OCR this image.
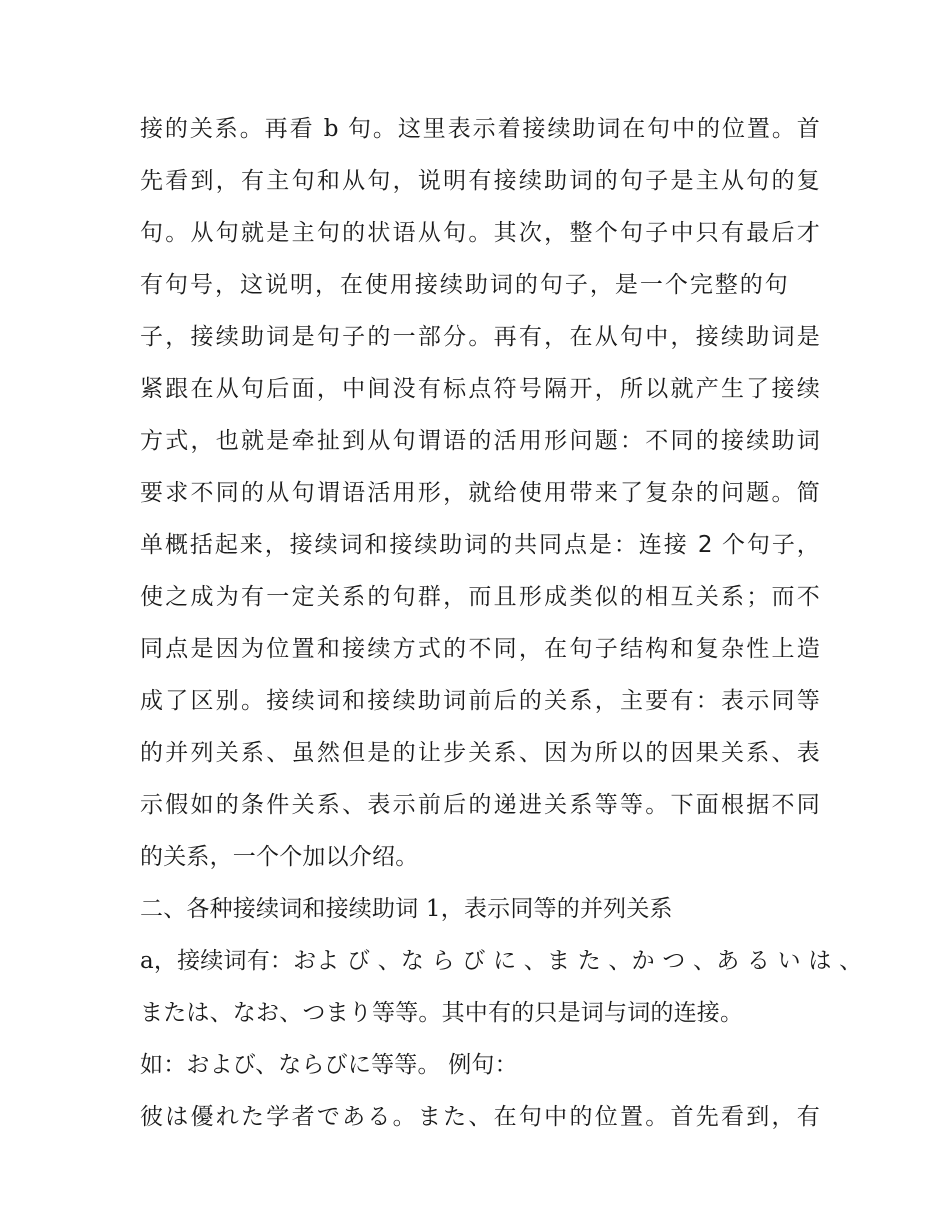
接的关系。再看 b 句。这里表示着接续助词在句中的位置。首
先看到，有主句和从句，说明有接续助词的句子是主从句的复
句。从句就是主句的状语从句。其次，整个句子中只有最后才
有句号，这说明，在使用接续助词的句子，是一个完整的句
子，接续助词是句子的一部分。再有，在从句中，接续助词是
紧跟在从句后面，中间没有标点符号隔开，所以就产生了接续
方式，也就是牵扯到从句谓语的活用形问题：不同的接续助词
要求不同的从句谓语活用形，就给使用带来了复杂的问题。简
单概括起来，接续词和接续助词的共同点是：连接 2 个句子，
使之成为有一定关系的句群，而且形成类似的相互关系；而不
同点是因为位置和接续方式的不同，在句子结构和复杂性上造
成了区别。接续词和接续助词前后的关系，主要有：表示同等
的并列关系、虽然但是的让步关系、因为所以的因果关系、表
示假如的条件关系、表示前后的递进关系等等。下面根据不同
的关系，一个个加以介绍。
二、各种接续词和接续助词 1，表示同等的并列关系
a，接续词有：およ び 、な ら び に 、ま た 、か つ 、あ る い は 、
または、なお、つまり等等。其中有的只是词与词的连接。
如：および、ならびに等等。 例句：
彼は優れた学者である。また、在句中的位置。首先看到，有
